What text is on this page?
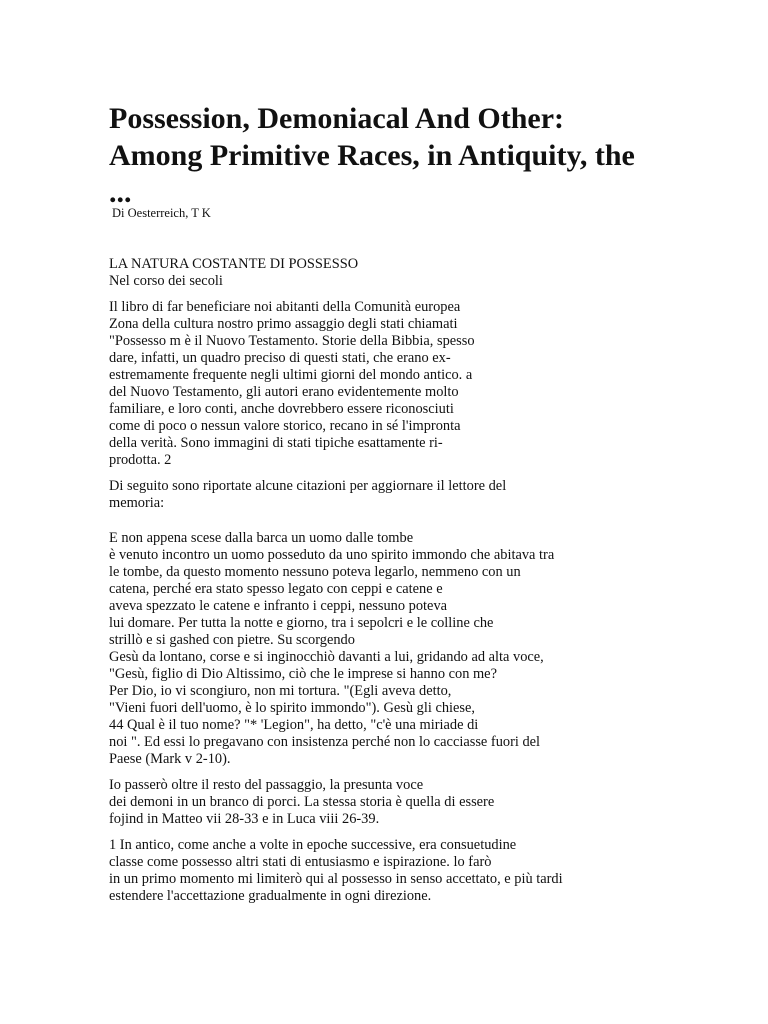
Possession, Demoniacal And Other:
Among Primitive Races, in Antiquity, the
...
Di Oesterreich, T K
LA NATURA COSTANTE DI POSSESSO
Nel corso dei secoli
Il libro di far beneficiare noi abitanti della Comunità europea
Zona della cultura nostro primo assaggio degli stati chiamati
"Possesso m è il Nuovo Testamento. Storie della Bibbia, spesso
dare, infatti, un quadro preciso di questi stati, che erano ex-
estremamente frequente negli ultimi giorni del mondo antico. a
del Nuovo Testamento, gli autori erano evidentemente molto
familiare, e loro conti, anche dovrebbero essere riconosciuti
come di poco o nessun valore storico, recano in sé l'impronta
della verità. Sono immagini di stati tipiche esattamente ri-
prodotta. 2
Di seguito sono riportate alcune citazioni per aggiornare il lettore del
memoria:
E non appena scese dalla barca un uomo dalle tombe
è venuto incontro un uomo posseduto da uno spirito immondo che abitava tra
le tombe, da questo momento nessuno poteva legarlo, nemmeno con un
catena, perché era stato spesso legato con ceppi e catene e
aveva spezzato le catene e infranto i ceppi, nessuno poteva
lui domare. Per tutta la notte e giorno, tra i sepolcri e le colline che
strillò e si gashed con pietre. Su scorgendo
Gesù da lontano, corse e si inginocchiò davanti a lui, gridando ad alta voce,
"Gesù, figlio di Dio Altissimo, ciò che le imprese si hanno con me?
Per Dio, io vi scongiuro, non mi tortura. "(Egli aveva detto,
"Vieni fuori dell'uomo, è lo spirito immondo"). Gesù gli chiese,
44 Qual è il tuo nome? "* 'Legion", ha detto, "c'è una miriade di
noi ". Ed essi lo pregavano con insistenza perché non lo cacciasse fuori del
Paese (Mark v 2-10).
Io passerò oltre il resto del passaggio, la presunta voce
dei demoni in un branco di porci. La stessa storia è quella di essere
fojind in Matteo vii 28-33 e in Luca viii 26-39.
1 In antico, come anche a volte in epoche successive, era consuetudine
classe come possesso altri stati di entusiasmo e ispirazione. lo farò
in un primo momento mi limiterò qui al possesso in senso accettato, e più tardi
estendere l'accettazione gradualmente in ogni direzione.
